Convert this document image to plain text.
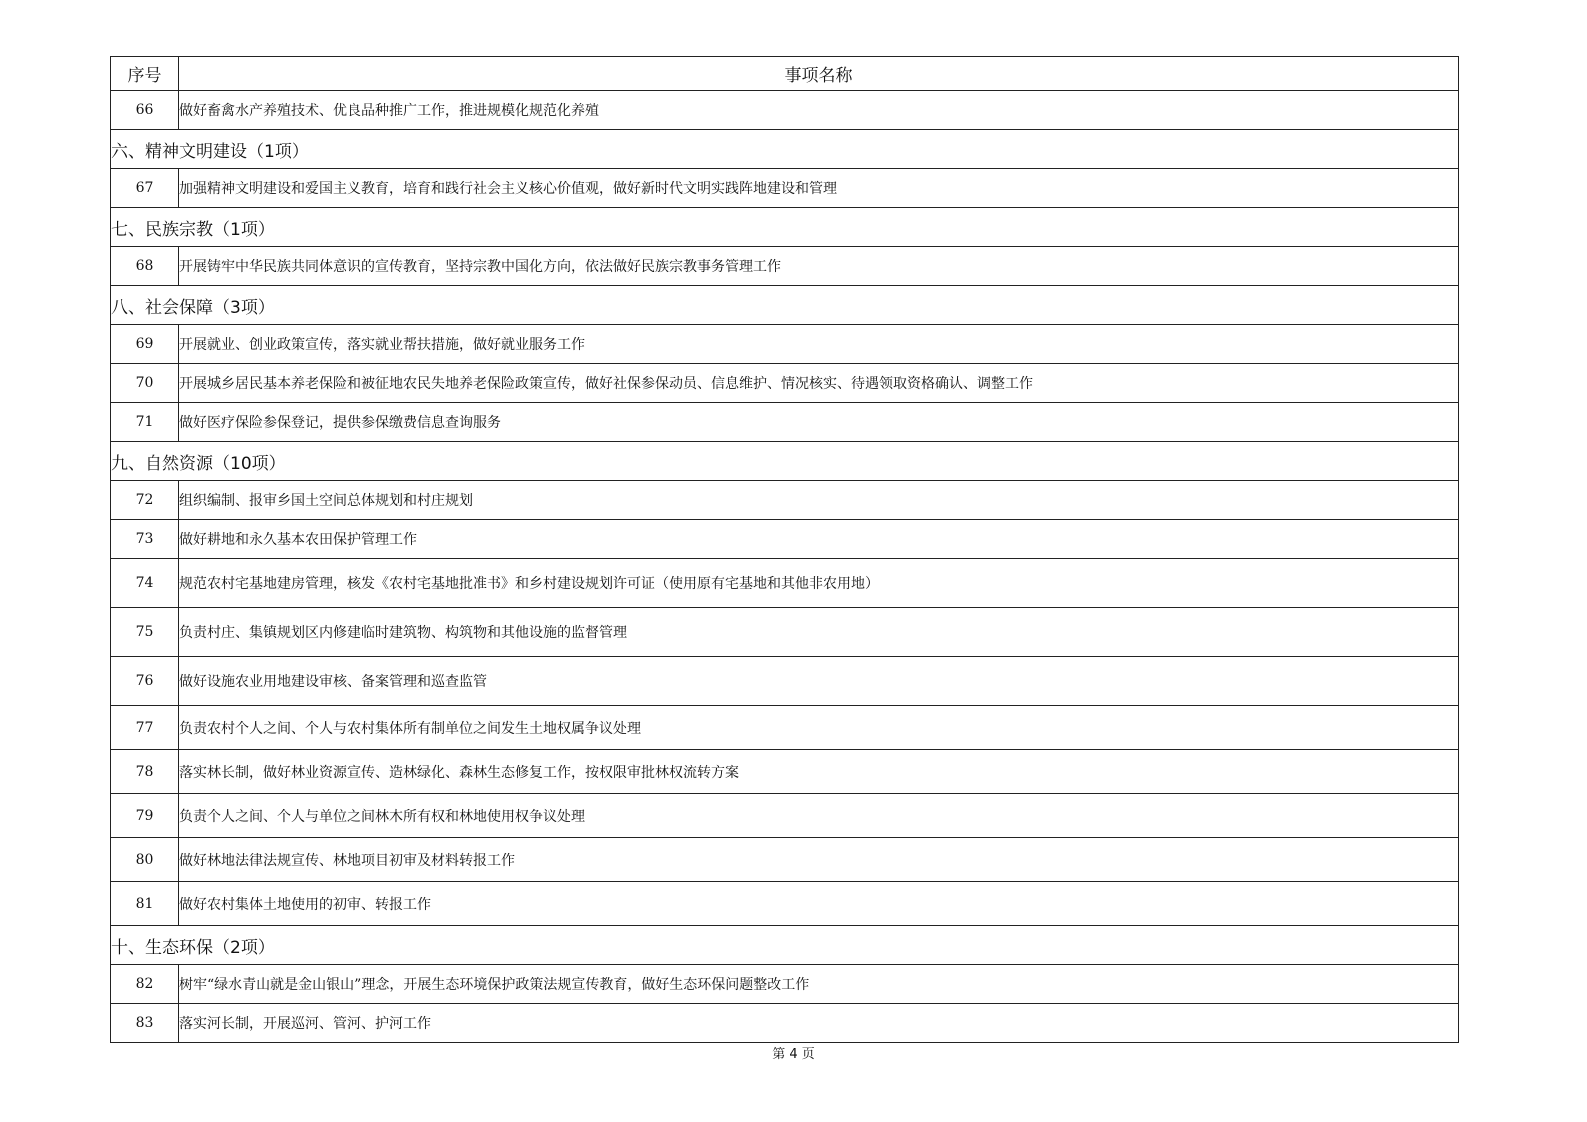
序号	事项名称
66	做好畜禽水产养殖技术、优良品种推广工作，推进规模化规范化养殖
六、精神文明建设（1项）	
67	加强精神文明建设和爱国主义教育，培育和践行社会主义核心价值观，做好新时代文明实践阵地建设和管理
七、民族宗教（1项）	
68	开展铸牢中华民族共同体意识的宣传教育，坚持宗教中国化方向，依法做好民族宗教事务管理工作
八、社会保障（3项）	
69	开展就业、创业政策宣传，落实就业帮扶措施，做好就业服务工作
70	开展城乡居民基本养老保险和被征地农民失地养老保险政策宣传，做好社保参保动员、信息维护、情况核实、待遇领取资格确认、调整工作
71	做好医疗保险参保登记，提供参保缴费信息查询服务
九、自然资源（10项）	
72	组织编制、报审乡国土空间总体规划和村庄规划
73	做好耕地和永久基本农田保护管理工作
74	规范农村宅基地建房管理，核发《农村宅基地批准书》和乡村建设规划许可证（使用原有宅基地和其他非农用地）
75	负责村庄、集镇规划区内修建临时建筑物、构筑物和其他设施的监督管理
76	做好设施农业用地建设审核、备案管理和巡查监管
77	负责农村个人之间、个人与农村集体所有制单位之间发生土地权属争议处理
78	落实林长制，做好林业资源宣传、造林绿化、森林生态修复工作，按权限审批林权流转方案
79	负责个人之间、个人与单位之间林木所有权和林地使用权争议处理
80	做好林地法律法规宣传、林地项目初审及材料转报工作
81	做好农村集体土地使用的初审、转报工作
十、生态环保（2项）	
82	树牢“绿水青山就是金山银山”理念，开展生态环境保护政策法规宣传教育，做好生态环保问题整改工作
83	落实河长制，开展巡河、管河、护河工作
第 4 页
